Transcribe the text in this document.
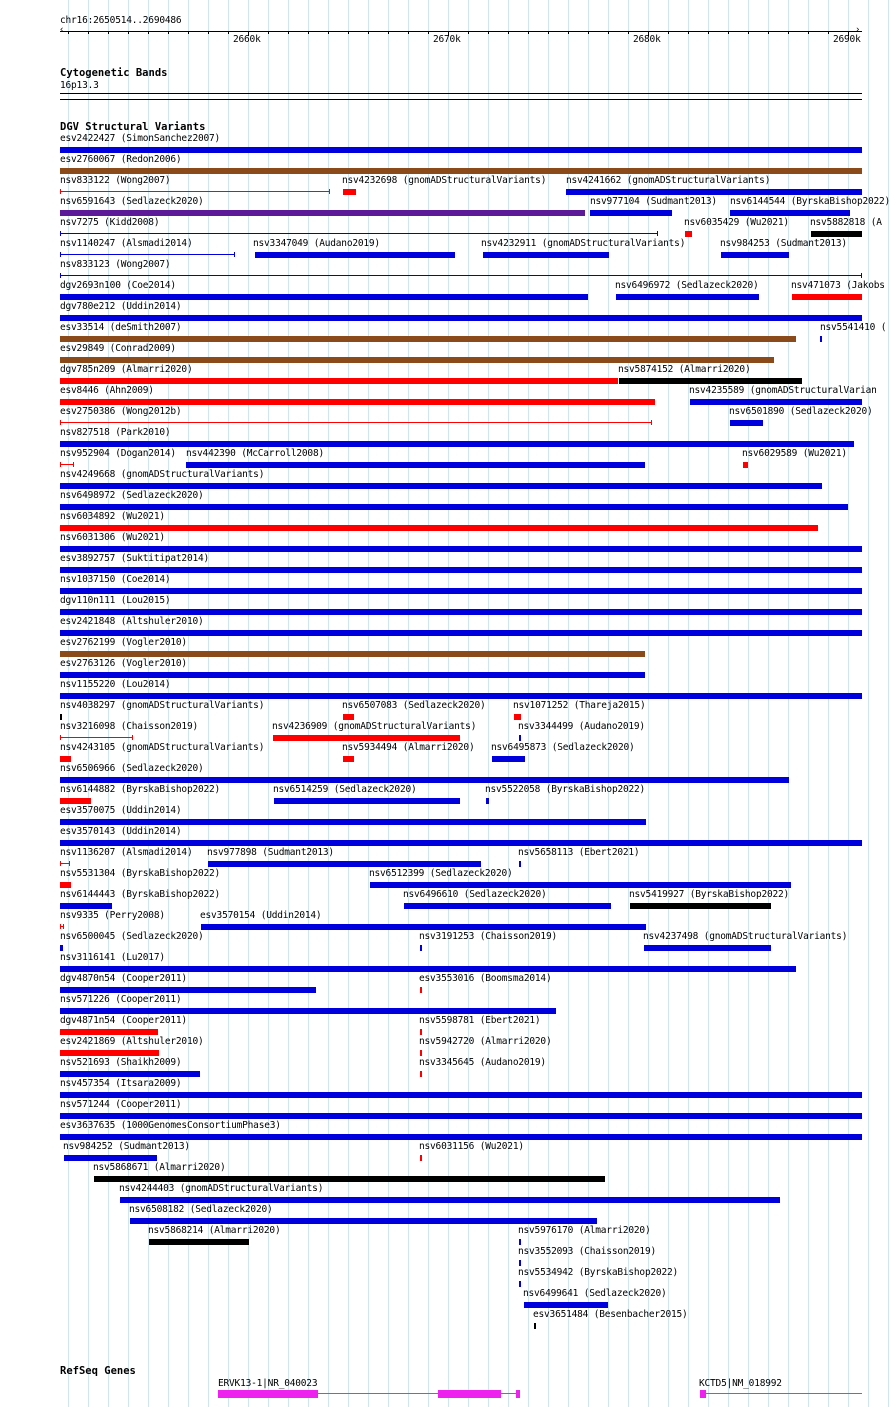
chr16:2650514..2690486
‹	›
2660k	2670k	2680k	2690k
Cytogenetic Bands
16p13.3
DGV Structural Variants
esv2422427 (SimonSanchez2007)
esv2760067 (Redon2006)
nsv833122 (Wong2007)	nsv4232698 (gnomADStructuralVariants) nsv4241662 (gnomADStructuralVariants)
nsv6591643 (Sedlazeck2020)	nsv977104 (Sudmant2013) nsv6144544 (ByrskaBishop2022)
nsv7275 (Kidd2008)	nsv6035429 (Wu2021) nsv5882818 (A
nsv1140247 (Alsmadi2014)	nsv3347049 (Audano2019)	nsv4232911 (gnomADStructuralVariants)	nsv984253 (Sudmant2013)
nsv833123 (Wong2007)
dgv2693n100 (Coe2014)	nsv6496972 (Sedlazeck2020)	nsv471073 (Jakobs
dgv780e212 (Uddin2014)
esv33514 (deSmith2007)	nsv5541410 (
esv29849 (Conrad2009)
dgv785n209 (Almarri2020)	nsv5874152 (Almarri2020)
esv8446 (Ahn2009)	nsv4235589 (gnomADStructuralVarian
esv2750386 (Wong2012b)	nsv6501890 (Sedlazeck2020)
nsv827518 (Park2010)
nsv952904 (Dogan2014) nsv442390 (McCarroll2008)	nsv6029589 (Wu2021)
nsv4249668 (gnomADStructuralVariants)
nsv6498972 (Sedlazeck2020)
nsv6034892 (Wu2021)
nsv6031306 (Wu2021)
esv3892757 (Suktitipat2014)
nsv1037150 (Coe2014)
dgv110n111 (Lou2015)
esv2421848 (Altshuler2010)
esv2762199 (Vogler2010)
esv2763126 (Vogler2010)
nsv1155220 (Lou2014)
nsv4038297 (gnomADStructuralVariants)	nsv6507083 (Sedlazeck2020)	nsv1071252 (Thareja2015)
nsv3216098 (Chaisson2019)	nsv4236909 (gnomADStructuralVariants)	nsv3344499 (Audano2019)
nsv4243105 (gnomADStructuralVariants)	nsv5934494 (Almarri2020) nsv6495873 (Sedlazeck2020)
nsv6506966 (Sedlazeck2020)
nsv6144882 (ByrskaBishop2022)	nsv6514259 (Sedlazeck2020)	nsv5522058 (ByrskaBishop2022)
esv3570075 (Uddin2014)
esv3570143 (Uddin2014)
nsv1136207 (Alsmadi2014) nsv977898 (Sudmant2013)	nsv5658113 (Ebert2021)
nsv5531304 (ByrskaBishop2022)	nsv6512399 (Sedlazeck2020)
nsv6144443 (ByrskaBishop2022)	nsv6496610 (Sedlazeck2020)	nsv5419927 (ByrskaBishop2022)
nsv9335 (Perry2008)	esv3570154 (Uddin2014)
nsv6500045 (Sedlazeck2020)	nsv3191253 (Chaisson2019)	nsv4237498 (gnomADStructuralVariants)
nsv3116141 (Lu2017)
dgv4870n54 (Cooper2011)	esv3553016 (Boomsma2014)
nsv571226 (Cooper2011)
dgv4871n54 (Cooper2011)	nsv5598781 (Ebert2021)
esv2421869 (Altshuler2010)	nsv5942720 (Almarri2020)
nsv521693 (Shaikh2009)	nsv3345645 (Audano2019)
nsv457354 (Itsara2009)
nsv571244 (Cooper2011)
esv3637635 (1000GenomesConsortiumPhase3)
nsv984252 (Sudmant2013)	nsv6031156 (Wu2021)
nsv5868671 (Almarri2020)
nsv4244403 (gnomADStructuralVariants)
nsv6508182 (Sedlazeck2020)
nsv5868214 (Almarri2020)	nsv5976170 (Almarri2020)
nsv3552093 (Chaisson2019)
nsv5534942 (ByrskaBishop2022)
nsv6499641 (Sedlazeck2020)
esv3651484 (Besenbacher2015)
RefSeq Genes
ERVK13-1|NR_040023	KCTD5|NM_018992
